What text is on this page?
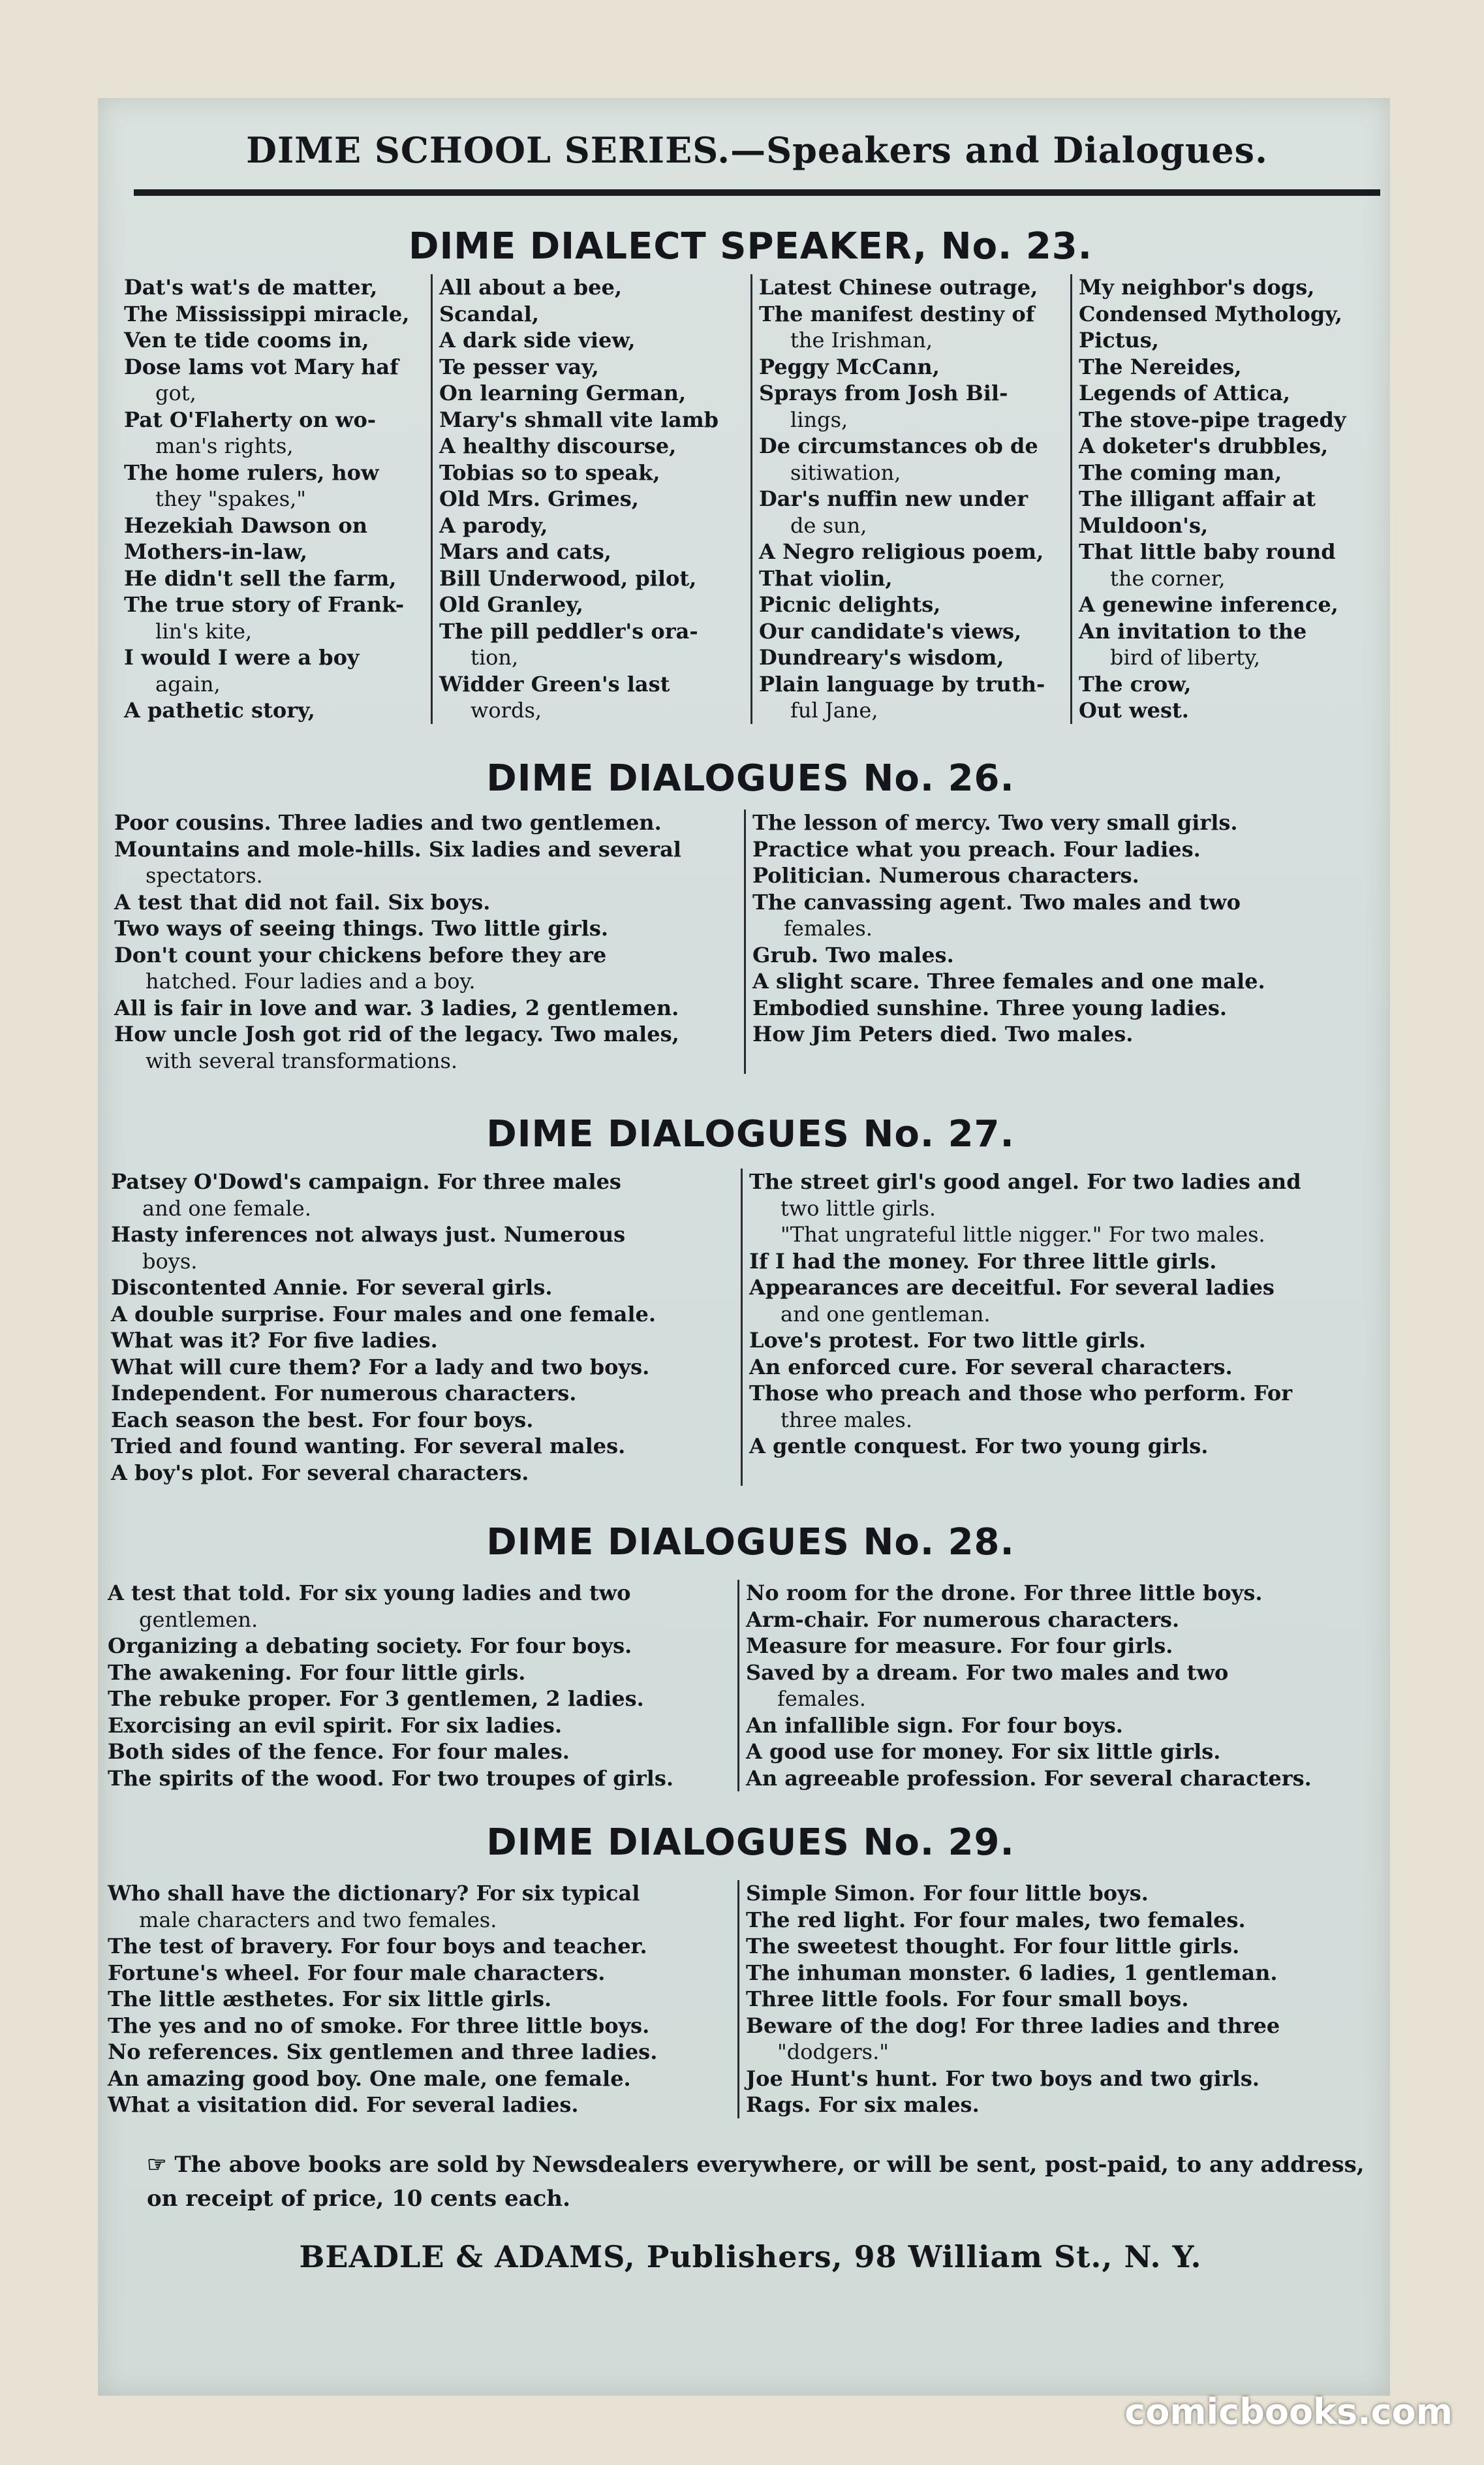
DIME SCHOOL SERIES.—Speakers and Dialogues.
DIME DIALECT SPEAKER, No. 23.
Dat's wat's de matter,
The Mississippi miracle,
Ven te tide cooms in,
Dose lams vot Mary haf
got,
Pat O'Flaherty on wo-
man's rights,
The home rulers, how
they "spakes,"
Hezekiah Dawson on
Mothers-in-law,
He didn't sell the farm,
The true story of Frank-
lin's kite,
I would I were a boy
again,
A pathetic story,
All about a bee,
Scandal,
A dark side view,
Te pesser vay,
On learning German,
Mary's shmall vite lamb
A healthy discourse,
Tobias so to speak,
Old Mrs. Grimes,
A parody,
Mars and cats,
Bill Underwood, pilot,
Old Granley,
The pill peddler's ora-
tion,
Widder Green's last
words,
Latest Chinese outrage,
The manifest destiny of
the Irishman,
Peggy McCann,
Sprays from Josh Bil-
lings,
De circumstances ob de
sitiwation,
Dar's nuffin new under
de sun,
A Negro religious poem,
That violin,
Picnic delights,
Our candidate's views,
Dundreary's wisdom,
Plain language by truth-
ful Jane,
My neighbor's dogs,
Condensed Mythology,
Pictus,
The Nereides,
Legends of Attica,
The stove-pipe tragedy
A doketer's drubbles,
The coming man,
The illigant affair at
Muldoon's,
That little baby round
the corner,
A genewine inference,
An invitation to the
bird of liberty,
The crow,
Out west.
DIME DIALOGUES No. 26.
Poor cousins. Three ladies and two gentlemen.
Mountains and mole-hills. Six ladies and several
spectators.
A test that did not fail. Six boys.
Two ways of seeing things. Two little girls.
Don't count your chickens before they are
hatched. Four ladies and a boy.
All is fair in love and war. 3 ladies, 2 gentlemen.
How uncle Josh got rid of the legacy. Two males,
with several transformations.
The lesson of mercy. Two very small girls.
Practice what you preach. Four ladies.
Politician. Numerous characters.
The canvassing agent. Two males and two
females.
Grub. Two males.
A slight scare. Three females and one male.
Embodied sunshine. Three young ladies.
How Jim Peters died. Two males.
DIME DIALOGUES No. 27.
Patsey O'Dowd's campaign. For three males
and one female.
Hasty inferences not always just. Numerous
boys.
Discontented Annie. For several girls.
A double surprise. Four males and one female.
What was it? For five ladies.
What will cure them? For a lady and two boys.
Independent. For numerous characters.
Each season the best. For four boys.
Tried and found wanting. For several males.
A boy's plot. For several characters.
The street girl's good angel. For two ladies and
two little girls.
"That ungrateful little nigger." For two males.
If I had the money. For three little girls.
Appearances are deceitful. For several ladies
and one gentleman.
Love's protest. For two little girls.
An enforced cure. For several characters.
Those who preach and those who perform. For
three males.
A gentle conquest. For two young girls.
DIME DIALOGUES No. 28.
A test that told. For six young ladies and two
gentlemen.
Organizing a debating society. For four boys.
The awakening. For four little girls.
The rebuke proper. For 3 gentlemen, 2 ladies.
Exorcising an evil spirit. For six ladies.
Both sides of the fence. For four males.
The spirits of the wood. For two troupes of girls.
No room for the drone. For three little boys.
Arm-chair. For numerous characters.
Measure for measure. For four girls.
Saved by a dream. For two males and two
females.
An infallible sign. For four boys.
A good use for money. For six little girls.
An agreeable profession. For several characters.
DIME DIALOGUES No. 29.
Who shall have the dictionary? For six typical
male characters and two females.
The test of bravery. For four boys and teacher.
Fortune's wheel. For four male characters.
The little æsthetes. For six little girls.
The yes and no of smoke. For three little boys.
No references. Six gentlemen and three ladies.
An amazing good boy. One male, one female.
What a visitation did. For several ladies.
Simple Simon. For four little boys.
The red light. For four males, two females.
The sweetest thought. For four little girls.
The inhuman monster. 6 ladies, 1 gentleman.
Three little fools. For four small boys.
Beware of the dog! For three ladies and three
"dodgers."
Joe Hunt's hunt. For two boys and two girls.
Rags. For six males.
☞ The above books are sold by Newsdealers everywhere, or will be sent, post-paid, to any address, on receipt of price, 10 cents each.
BEADLE & ADAMS, Publishers, 98 William St., N. Y.
comicbooks.com
